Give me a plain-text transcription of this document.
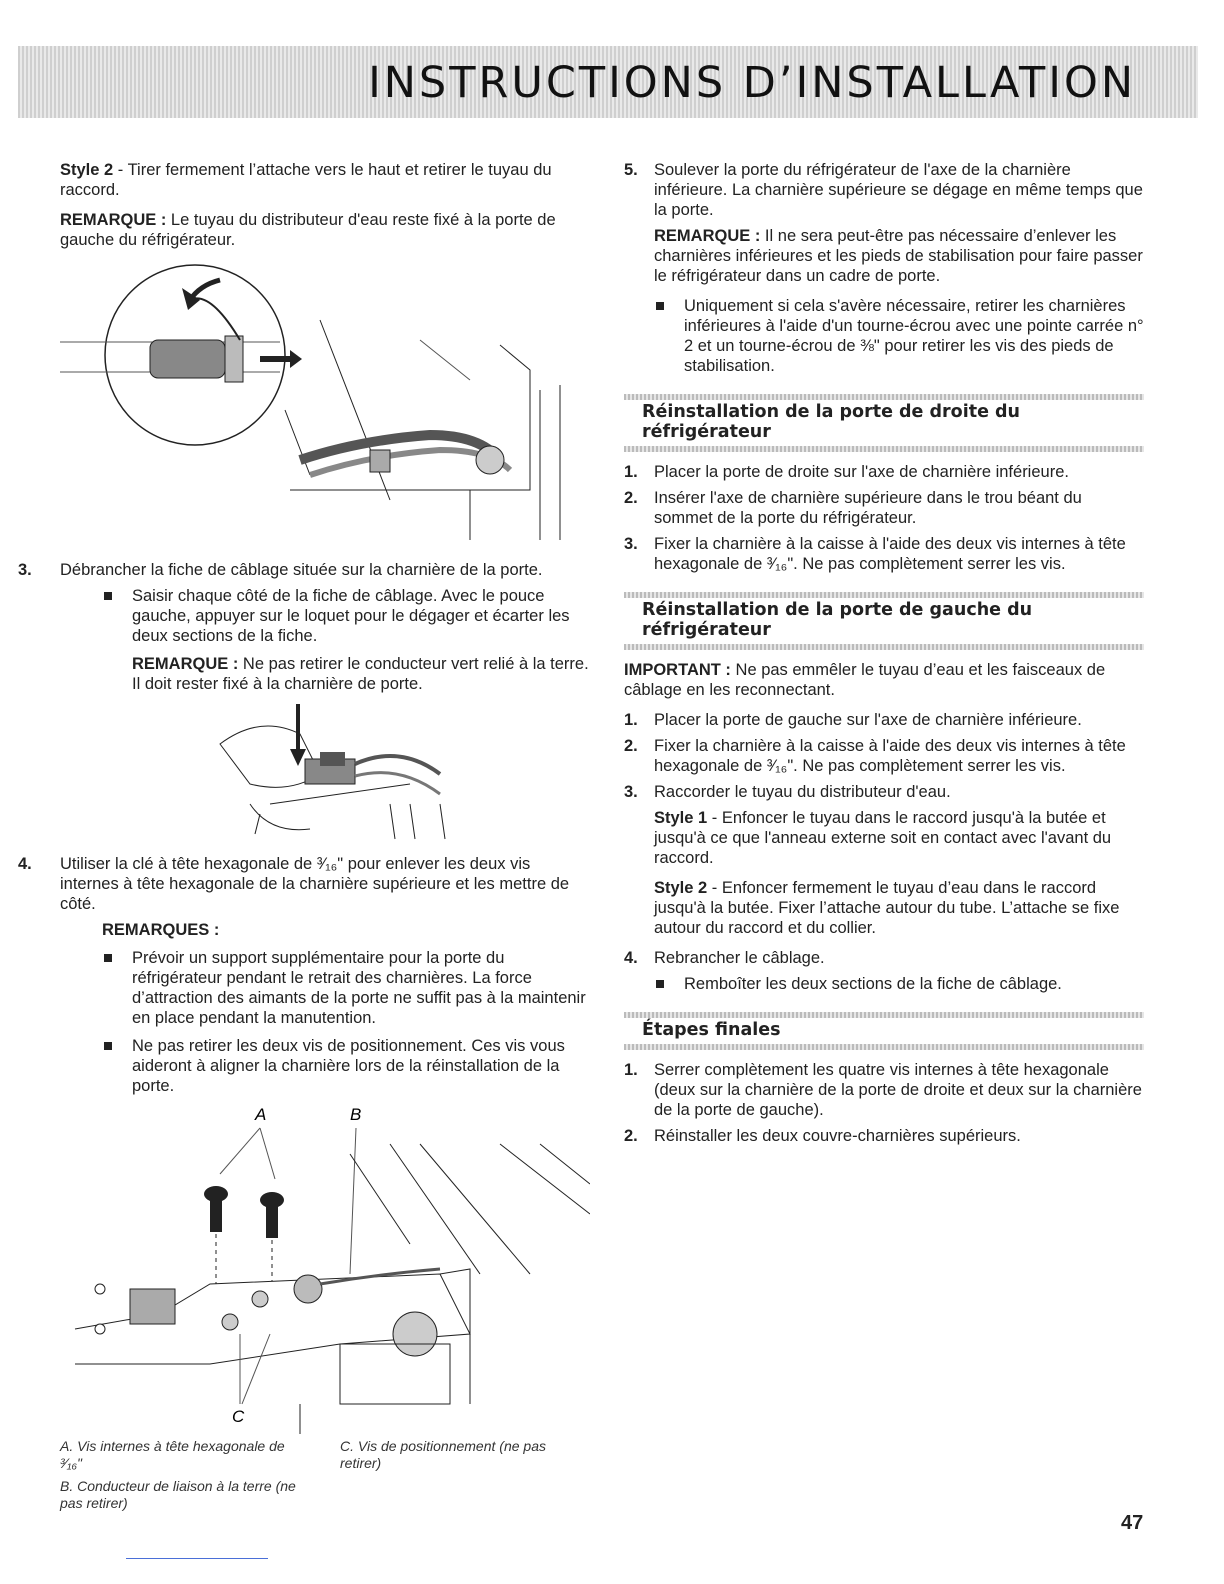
INSTRUCTIONS D’INSTALLATION

Style 2 - Tirer fermement l’attache vers le haut et retirer le tuyau du raccord.

REMARQUE : Le tuyau du distributeur d'eau reste fixé à la porte de gauche du réfrigérateur.

3. Débrancher la fiche de câblage située sur la charnière de la porte.
Saisir chaque côté de la fiche de câblage. Avec le pouce gauche, appuyer sur le loquet pour le dégager et écarter les deux sections de la fiche.

REMARQUE : Ne pas retirer le conducteur vert relié à la terre. Il doit rester fixé à la charnière de porte.

4. Utiliser la clé à tête hexagonale de ³⁄₁₆" pour enlever les deux vis internes à tête hexagonale de la charnière supérieure et les mettre de côté.

REMARQUES :

Prévoir un support supplémentaire pour la porte du réfrigérateur pendant le retrait des charnières. La force d’attraction des aimants de la porte ne suffit pas à la maintenir en place pendant la manutention.
Ne pas retirer les deux vis de positionnement. Ces vis vous aideront à aligner la charnière lors de la réinstallation de la porte.
A	B
C
A. Vis internes à tête hexagonale de ³⁄₁₆"
B. Conducteur de liaison à la terre (ne pas retirer)
C. Vis de positionnement (ne pas retirer)
5. Soulever la porte du réfrigérateur de l'axe de la charnière inférieure. La charnière supérieure se dégage en même temps que la porte.

REMARQUE : Il ne sera peut-être pas nécessaire d’enlever les charnières inférieures et les pieds de stabilisation pour faire passer le réfrigérateur dans un cadre de porte.

Uniquement si cela s'avère nécessaire, retirer les charnières inférieures à l'aide d'un tourne-écrou avec une pointe carrée n° 2 et un tourne-écrou de ⅜" pour retirer les vis des pieds de stabilisation.
Réinstallation de la porte de droite du réfrigérateur
1. Placer la porte de droite sur l'axe de charnière inférieure.
2. Insérer l'axe de charnière supérieure dans le trou béant du sommet de la porte du réfrigérateur.
3. Fixer la charnière à la caisse à l'aide des deux vis internes à tête hexagonale de ³⁄₁₆". Ne pas complètement serrer les vis.
Réinstallation de la porte de gauche du réfrigérateur

IMPORTANT : Ne pas emmêler le tuyau d’eau et les faisceaux de câblage en les reconnectant.

1. Placer la porte de gauche sur l'axe de charnière inférieure.
2. Fixer la charnière à la caisse à l'aide des deux vis internes à tête hexagonale de ³⁄₁₆". Ne pas complètement serrer les vis.
3. Raccorder le tuyau du distributeur d'eau.

Style 1 - Enfoncer le tuyau dans le raccord jusqu'à la butée et jusqu'à ce que l'anneau externe soit en contact avec l'avant du raccord.

Style 2 - Enfoncer fermement le tuyau d’eau dans le raccord jusqu'à la butée. Fixer l’attache autour du tube. L’attache se fixe autour du raccord et du collier.

4. Rebrancher le câblage.
Remboîter les deux sections de la fiche de câblage.
Étapes finales
1. Serrer complètement les quatre vis internes à tête hexagonale (deux sur la charnière de la porte de droite et deux sur la charnière de la porte de gauche).
2. Réinstaller les deux couvre-charnières supérieurs.
47
